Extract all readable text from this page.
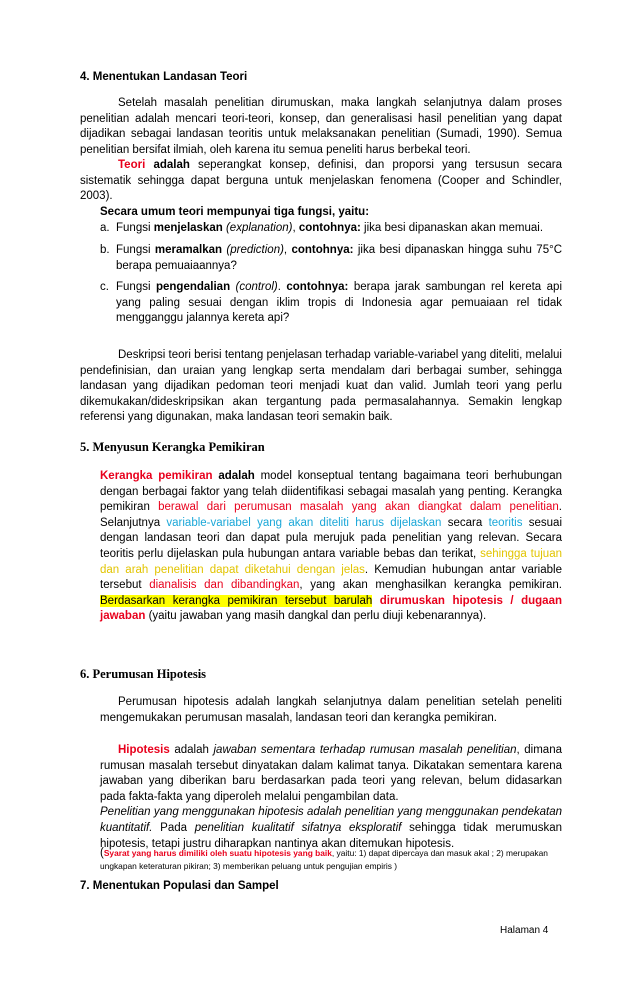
4. Menentukan Landasan Teori

Setelah masalah penelitian dirumuskan, maka langkah selanjutnya dalam proses penelitian adalah mencari teori-teori, konsep, dan generalisasi hasil penelitian yang dapat dijadikan sebagai landasan teoritis untuk melaksanakan penelitian (Sumadi, 1990). Semua penelitian bersifat ilmiah, oleh karena itu semua peneliti harus berbekal teori.

Teori adalah seperangkat konsep, definisi, dan proporsi yang tersusun secara sistematik sehingga dapat berguna untuk menjelaskan fenomena (Cooper and Schindler, 2003).

Secara umum teori mempunyai tiga fungsi, yaitu:

a. Fungsi menjelaskan (explanation), contohnya: jika besi dipanaskan akan memuai.
b. Fungsi meramalkan (prediction), contohnya: jika besi dipanaskan hingga suhu 75°C berapa pemuaiaannya?
c. Fungsi pengendalian (control). contohnya: berapa jarak sambungan rel kereta api yang paling sesuai dengan iklim tropis di Indonesia agar pemuaiaan rel tidak mengganggu jalannya kereta api?

Deskripsi teori berisi tentang penjelasan terhadap variable-variabel yang diteliti, melalui pendefinisian, dan uraian yang lengkap serta mendalam dari berbagai sumber, sehingga landasan yang dijadikan pedoman teori menjadi kuat dan valid. Jumlah teori yang perlu dikemukakan/dideskripsikan akan tergantung pada permasalahannya. Semakin lengkap referensi yang digunakan, maka landasan teori semakin baik.

5. Menyusun Kerangka Pemikiran

Kerangka pemikiran adalah model konseptual tentang bagaimana teori berhubungan dengan berbagai faktor yang telah diidentifikasi sebagai masalah yang penting. Kerangka pemikiran berawal dari perumusan masalah yang akan diangkat dalam penelitian. Selanjutnya variable-variabel yang akan diteliti harus dijelaskan secara teoritis sesuai dengan landasan teori dan dapat pula merujuk pada penelitian yang relevan. Secara teoritis perlu dijelaskan pula hubungan antara variable bebas dan terikat, sehingga tujuan dan arah penelitian dapat diketahui dengan jelas. Kemudian hubungan antar variable tersebut dianalisis dan dibandingkan, yang akan menghasilkan kerangka pemikiran. Berdasarkan kerangka pemikiran tersebut barulah dirumuskan hipotesis / dugaan jawaban (yaitu jawaban yang masih dangkal dan perlu diuji kebenarannya).

6. Perumusan Hipotesis

Perumusan hipotesis adalah langkah selanjutnya dalam penelitian setelah peneliti mengemukakan perumusan masalah, landasan teori dan kerangka pemikiran.

Hipotesis adalah jawaban sementara terhadap rumusan masalah penelitian, dimana rumusan masalah tersebut dinyatakan dalam kalimat tanya. Dikatakan sementara karena jawaban yang diberikan baru berdasarkan pada teori yang relevan, belum didasarkan pada fakta-fakta yang diperoleh melalui pengambilan data.
Penelitian yang menggunakan hipotesis adalah penelitian yang menggunakan pendekatan kuantitatif. Pada penelitian kualitatif sifatnya eksploratif sehingga tidak merumuskan hipotesis, tetapi justru diharapkan nantinya akan ditemukan hipotesis.

(Syarat yang harus dimiliki oleh suatu hipotesis yang baik, yaitu: 1) dapat dipercaya dan masuk akal ; 2) merupakan ungkapan keteraturan pikiran; 3) memberikan peluang untuk pengujian empiris )

7. Menentukan Populasi dan Sampel
Halaman 4
